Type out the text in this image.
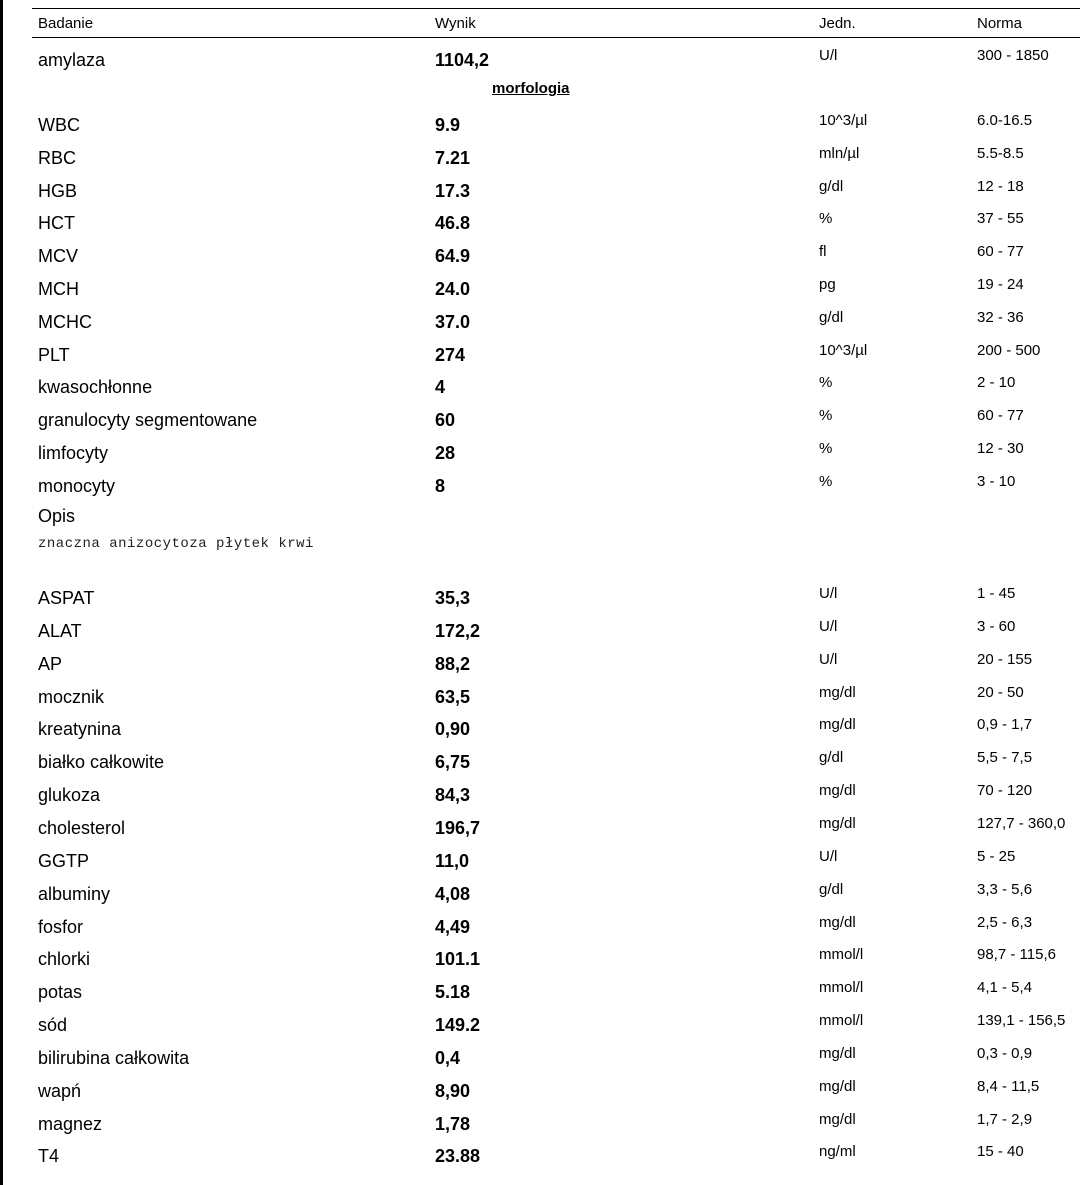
Badanie	Wynik	Jedn.	Norma
morfologia
amylaza	1104,2	U/l	300 - 1850
WBC	9.9	10^3/µl	6.0-16.5
RBC	7.21	mln/µl	5.5-8.5
HGB	17.3	g/dl	12 - 18
HCT	46.8	%	37 - 55
MCV	64.9	fl	60 - 77
MCH	24.0	pg	19 - 24
MCHC	37.0	g/dl	32 - 36
PLT	274	10^3/µl	200 - 500
kwasochłonne	4	%	2 - 10
granulocyty segmentowane	60	%	60 - 77
limfocyty	28	%	12 - 30
monocyty	8	%	3 - 10
ASPAT	35,3	U/l	1 - 45
ALAT	172,2	U/l	3 - 60
AP	88,2	U/l	20 - 155
mocznik	63,5	mg/dl	20 - 50
kreatynina	0,90	mg/dl	0,9 - 1,7
białko całkowite	6,75	g/dl	5,5 - 7,5
glukoza	84,3	mg/dl	70 - 120
cholesterol	196,7	mg/dl	127,7 - 360,0
GGTP	11,0	U/l	5 - 25
albuminy	4,08	g/dl	3,3 - 5,6
fosfor	4,49	mg/dl	2,5 - 6,3
chlorki	101.1	mmol/l	98,7 - 115,6
potas	5.18	mmol/l	4,1 - 5,4
sód	149.2	mmol/l	139,1 - 156,5
bilirubina całkowita	0,4	mg/dl	0,3 - 0,9
wapń	8,90	mg/dl	8,4 - 11,5
magnez	1,78	mg/dl	1,7 - 2,9
T4	23.88	ng/ml	15 - 40
Opis
znaczna anizocytoza płytek krwi
